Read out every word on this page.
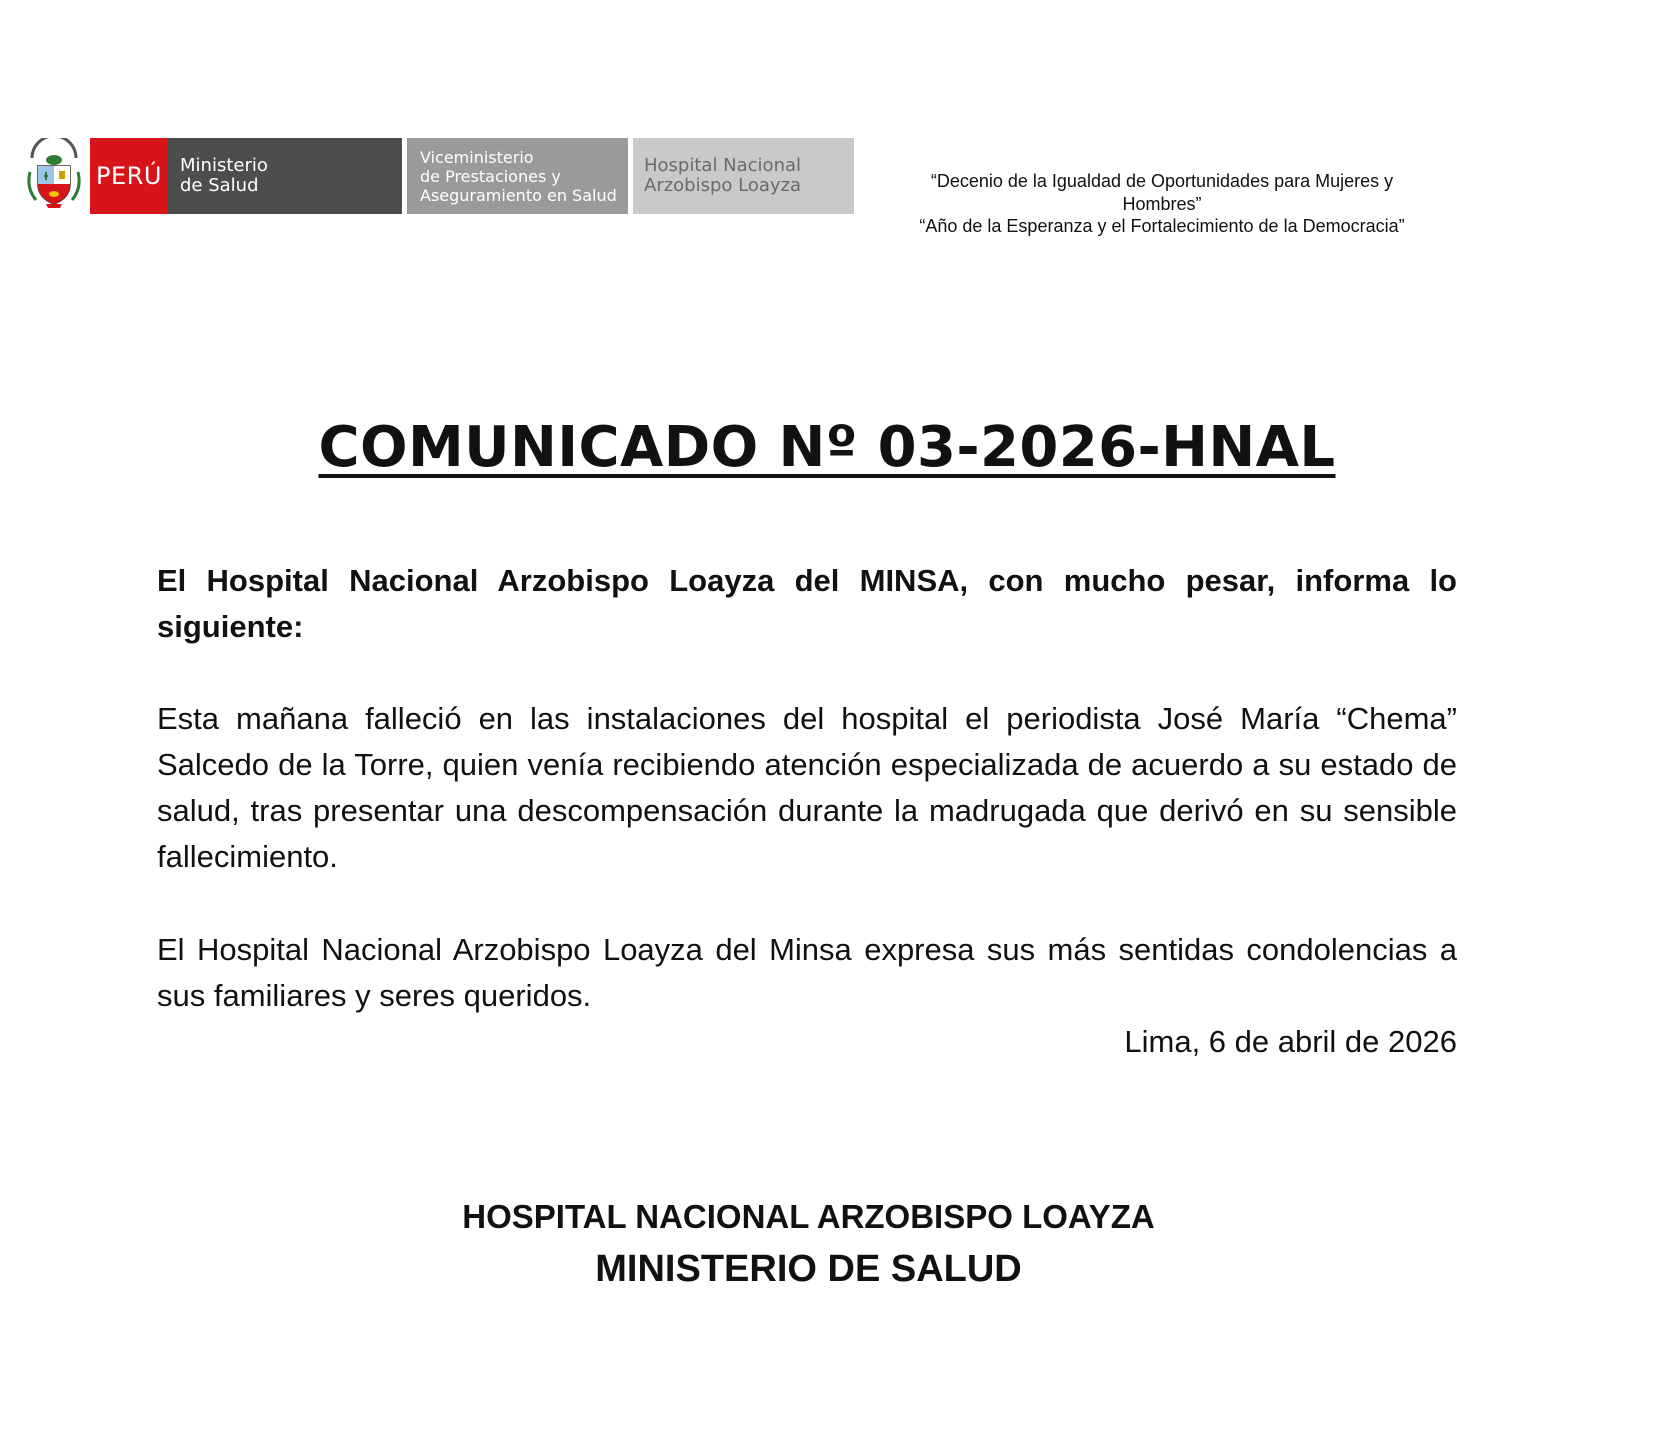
PERÚ Ministerio
de Salud
Viceministerio
de Prestaciones y
Aseguramiento en Salud
Hospital Nacional
Arzobispo Loayza	“Decenio de la Igualdad de Oportunidades para Mujeres y
Hombres”
“Año de la Esperanza y el Fortalecimiento de la Democracia”
COMUNICADO Nº 03-2026-HNAL
El Hospital Nacional Arzobispo Loayza del MINSA, con mucho pesar, informa lo siguiente:
Esta mañana falleció en las instalaciones del hospital el periodista José María “Chema” Salcedo de la Torre, quien venía recibiendo atención especializada de acuerdo a su estado de salud, tras presentar una descompensación durante la madrugada que derivó en su sensible fallecimiento.
El Hospital Nacional Arzobispo Loayza del Minsa expresa sus más sentidas condolencias a sus familiares y seres queridos.
Lima, 6 de abril de 2026
HOSPITAL NACIONAL ARZOBISPO LOAYZA
MINISTERIO DE SALUD
